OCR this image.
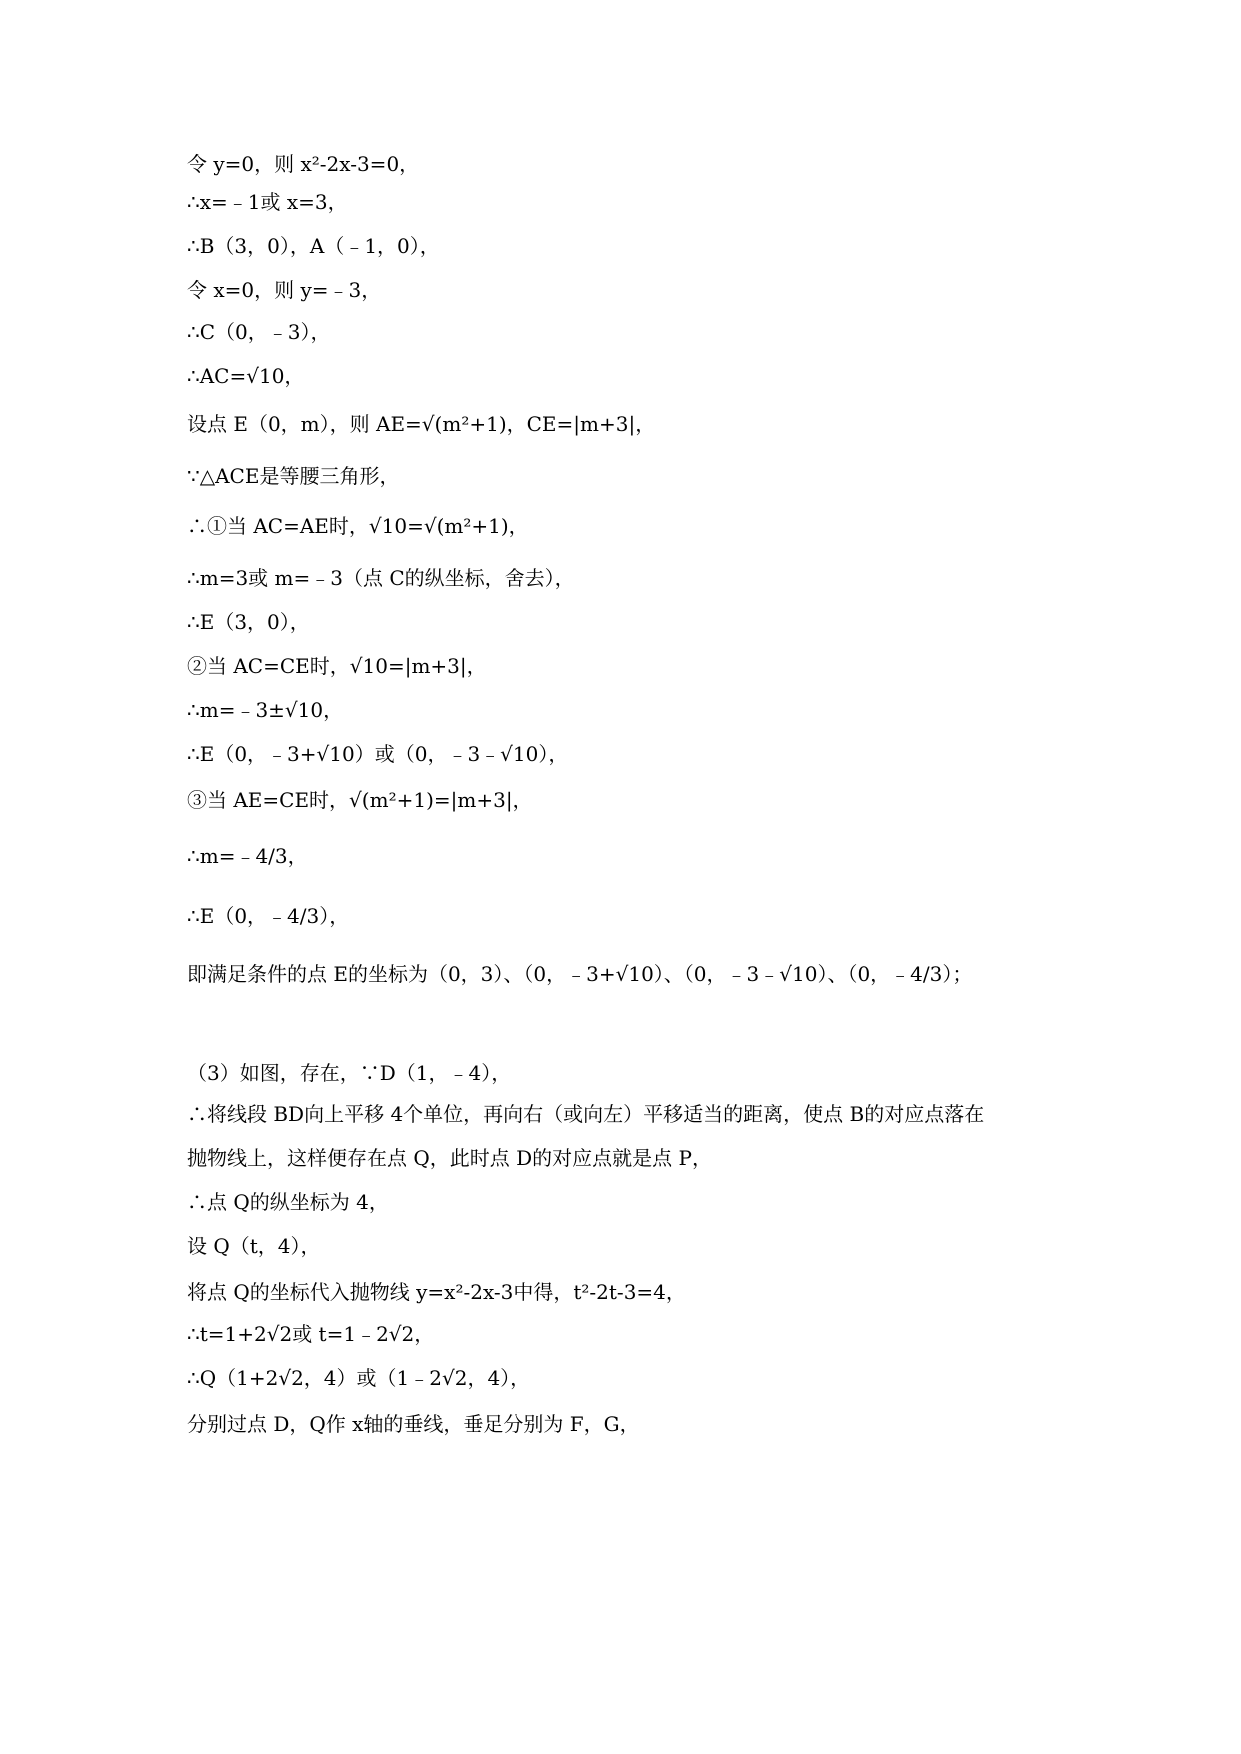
令 y=0，则 x²-2x-3=0，
∴x=﹣1或 x=3，
∴B（3，0），A（﹣1，0），
令 x=0，则 y=﹣3，
∴C（0，﹣3），
∴AC=√10，
设点 E（0，m），则 AE=√(m²+1)，CE=|m+3|，
∵△ACE是等腰三角形，
∴①当 AC=AE时，√10=√(m²+1)，
∴m=3或 m=﹣3（点 C的纵坐标，舍去），
∴E（3，0），
②当 AC=CE时，√10=|m+3|，
∴m=﹣3±√10，
∴E（0，﹣3+√10）或（0，﹣3﹣√10），
③当 AE=CE时，√(m²+1)=|m+3|，
∴m=﹣4/3，
∴E（0，﹣4/3），
即满足条件的点 E的坐标为（0，3）、（0，﹣3+√10）、（0，﹣3﹣√10）、（0，﹣4/3）；
（3）如图，存在，∵D（1，﹣4），
∴将线段 BD向上平移 4个单位，再向右（或向左）平移适当的距离，使点 B的对应点落在
抛物线上，这样便存在点 Q，此时点 D的对应点就是点 P，
∴点 Q的纵坐标为 4，
设 Q（t，4），
将点 Q的坐标代入抛物线 y=x²-2x-3中得，t²-2t-3=4，
∴t=1+2√2或 t=1﹣2√2，
∴Q（1+2√2，4）或（1﹣2√2，4），
分别过点 D，Q作 x轴的垂线，垂足分别为 F，G，
